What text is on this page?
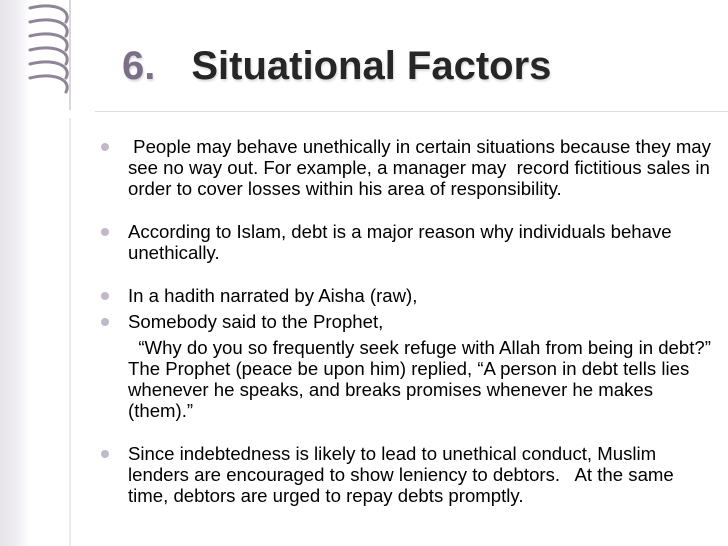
6. Situational Factors
People may behave unethically in certain situations because they may see no way out. For example, a manager may  record fictitious sales in order to cover losses within his area of responsibility.
According to Islam, debt is a major reason why individuals behave unethically.
In a hadith narrated by Aisha (raw),
Somebody said to the Prophet,
“Why do you so frequently seek refuge with Allah from being in debt?” The Prophet (peace be upon him) replied, “A person in debt tells lies whenever he speaks, and breaks promises whenever he makes (them).”
Since indebtedness is likely to lead to unethical conduct, Muslim lenders are encouraged to show leniency to debtors.   At the same time, debtors are urged to repay debts promptly.
